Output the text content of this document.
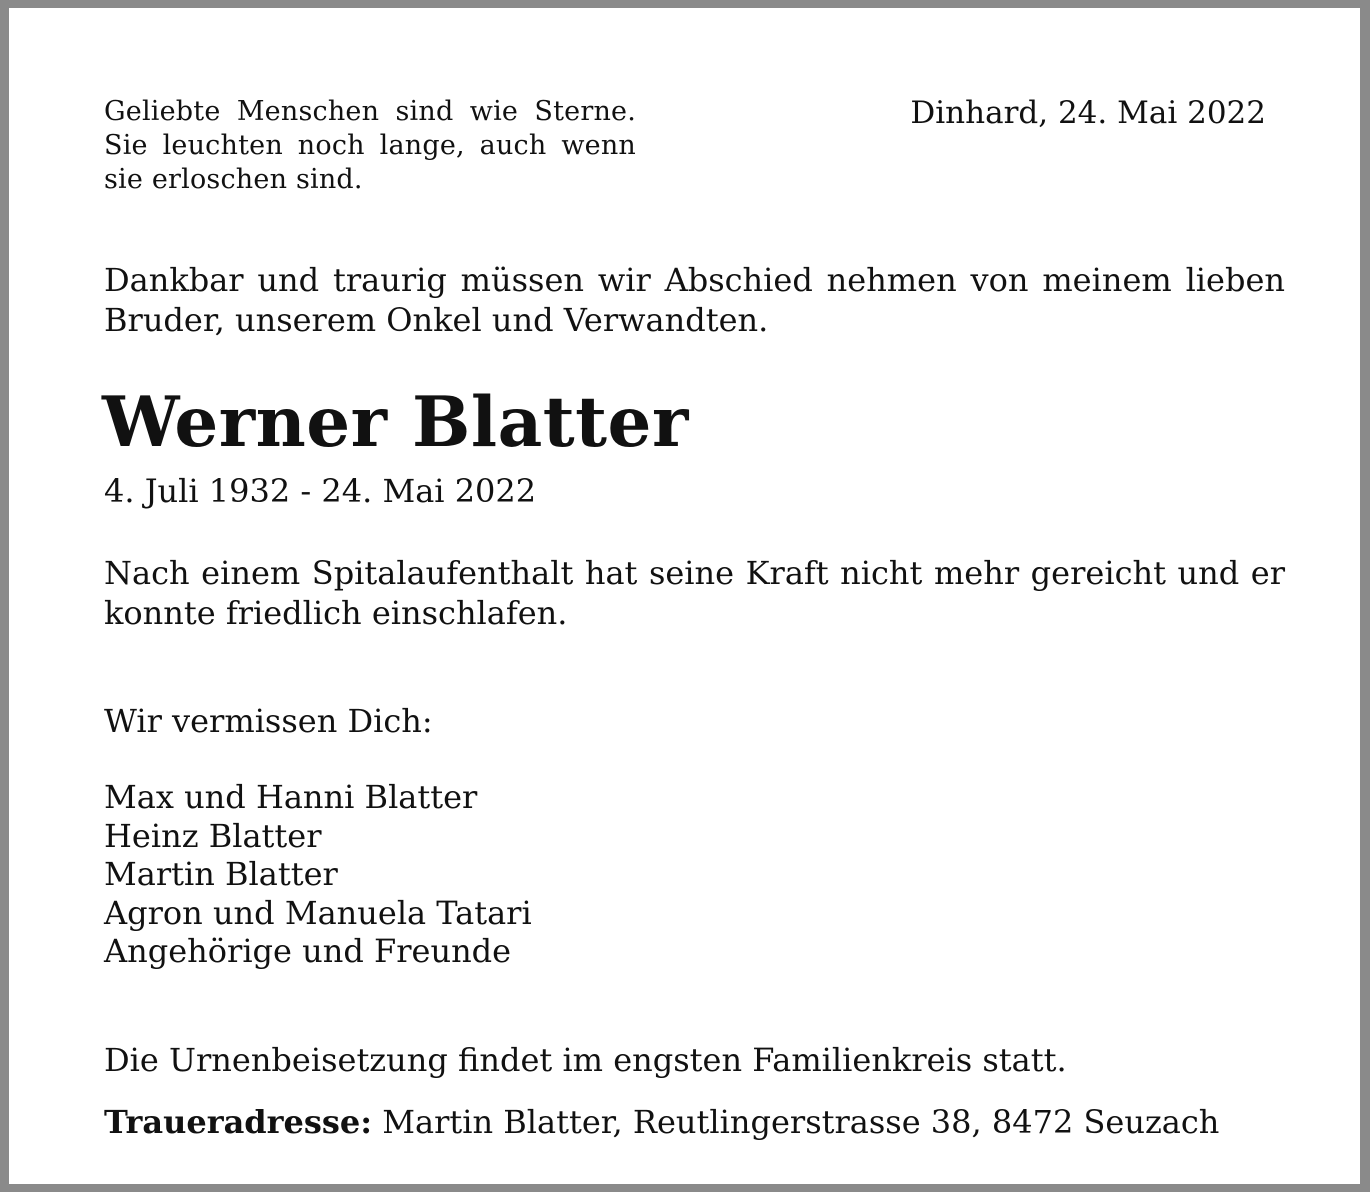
Geliebte Menschen sind wie Sterne. Sie leuchten noch lange, auch wenn sie erloschen sind.
Dinhard, 24. Mai 2022
Dankbar und traurig müssen wir Abschied nehmen von meinem lieben Bruder, unserem Onkel und Verwandten.
Werner Blatter
4. Juli 1932 - 24. Mai 2022
Nach einem Spitalaufenthalt hat seine Kraft nicht mehr gereicht und er konnte friedlich einschlafen.
Wir vermissen Dich:
Max und Hanni Blatter
Heinz Blatter
Martin Blatter
Agron und Manuela Tatari
Angehörige und Freunde
Die Urnenbeisetzung findet im engsten Familienkreis statt.
Traueradresse: Martin Blatter, Reutlingerstrasse 38, 8472 Seuzach
